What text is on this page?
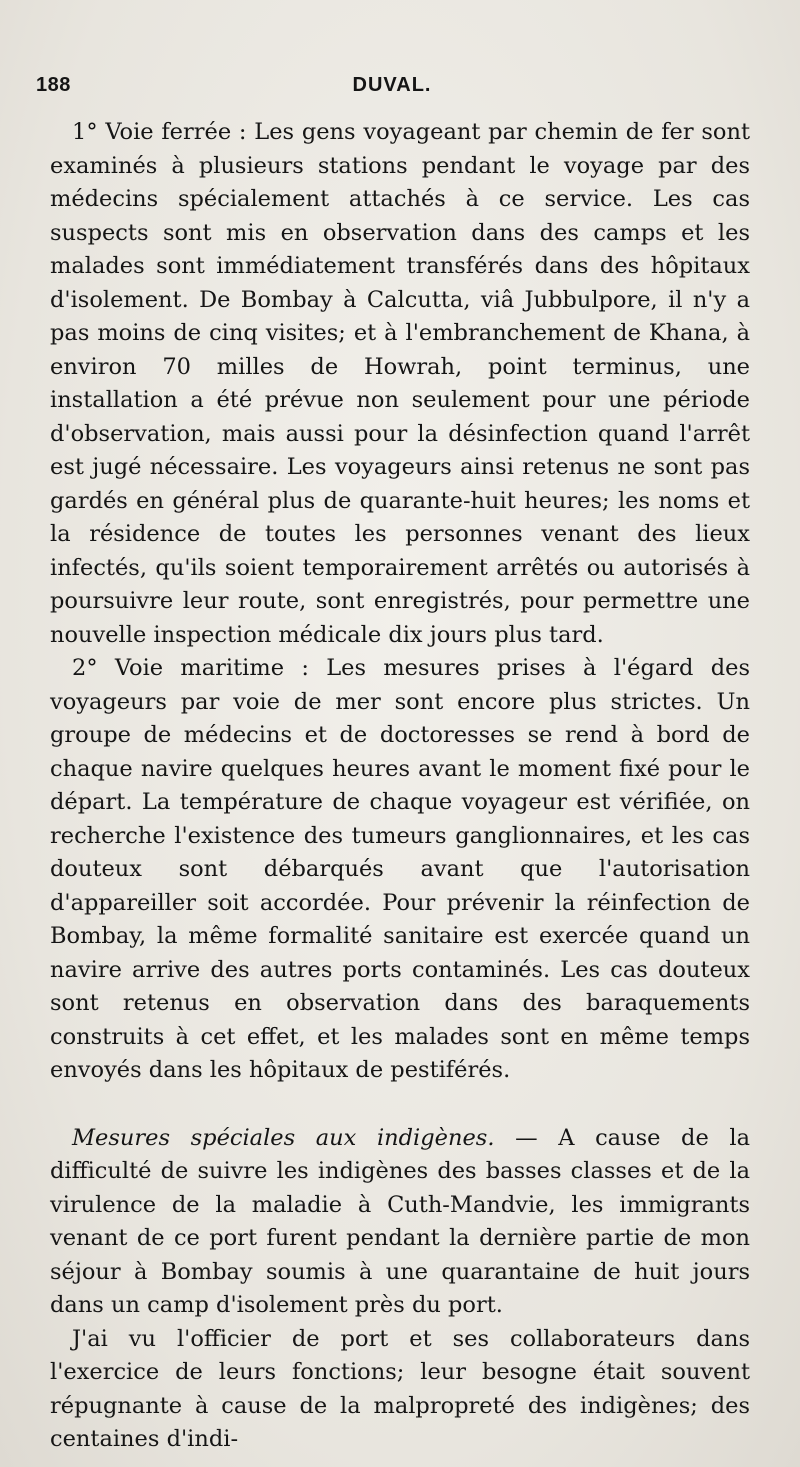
188	DUVAL.

1° Voie ferrée : Les gens voyageant par chemin de fer sont examinés à plusieurs stations pendant le voyage par des médecins spécialement attachés à ce service. Les cas suspects sont mis en observation dans des camps et les malades sont immédiatement transférés dans des hôpitaux d'isolement. De Bombay à Calcutta, viâ Jubbulpore, il n'y a pas moins de cinq visites; et à l'embranchement de Khana, à environ 70 milles de Howrah, point terminus, une installation a été prévue non seulement pour une période d'observation, mais aussi pour la désinfection quand l'arrêt est jugé nécessaire. Les voyageurs ainsi retenus ne sont pas gardés en général plus de quarante-huit heures; les noms et la résidence de toutes les personnes venant des lieux infectés, qu'ils soient temporairement arrêtés ou autorisés à poursuivre leur route, sont enregistrés, pour permettre une nouvelle inspection médicale dix jours plus tard.

2° Voie maritime : Les mesures prises à l'égard des voyageurs par voie de mer sont encore plus strictes. Un groupe de médecins et de doctoresses se rend à bord de chaque navire quelques heures avant le moment fixé pour le départ. La température de chaque voyageur est vérifiée, on recherche l'existence des tumeurs ganglionnaires, et les cas douteux sont débarqués avant que l'autorisation d'appareiller soit accordée. Pour prévenir la réinfection de Bombay, la même formalité sanitaire est exercée quand un navire arrive des autres ports contaminés. Les cas douteux sont retenus en observation dans des baraquements construits à cet effet, et les malades sont en même temps envoyés dans les hôpitaux de pestiférés.

Mesures spéciales aux indigènes. — A cause de la difficulté de suivre les indigènes des basses classes et de la virulence de la maladie à Cuth-Mandvie, les immigrants venant de ce port furent pendant la dernière partie de mon séjour à Bombay soumis à une quarantaine de huit jours dans un camp d'isolement près du port.

J'ai vu l'officier de port et ses collaborateurs dans l'exercice de leurs fonctions; leur besogne était souvent répugnante à cause de la malpropreté des indigènes; des centaines d'indi-
